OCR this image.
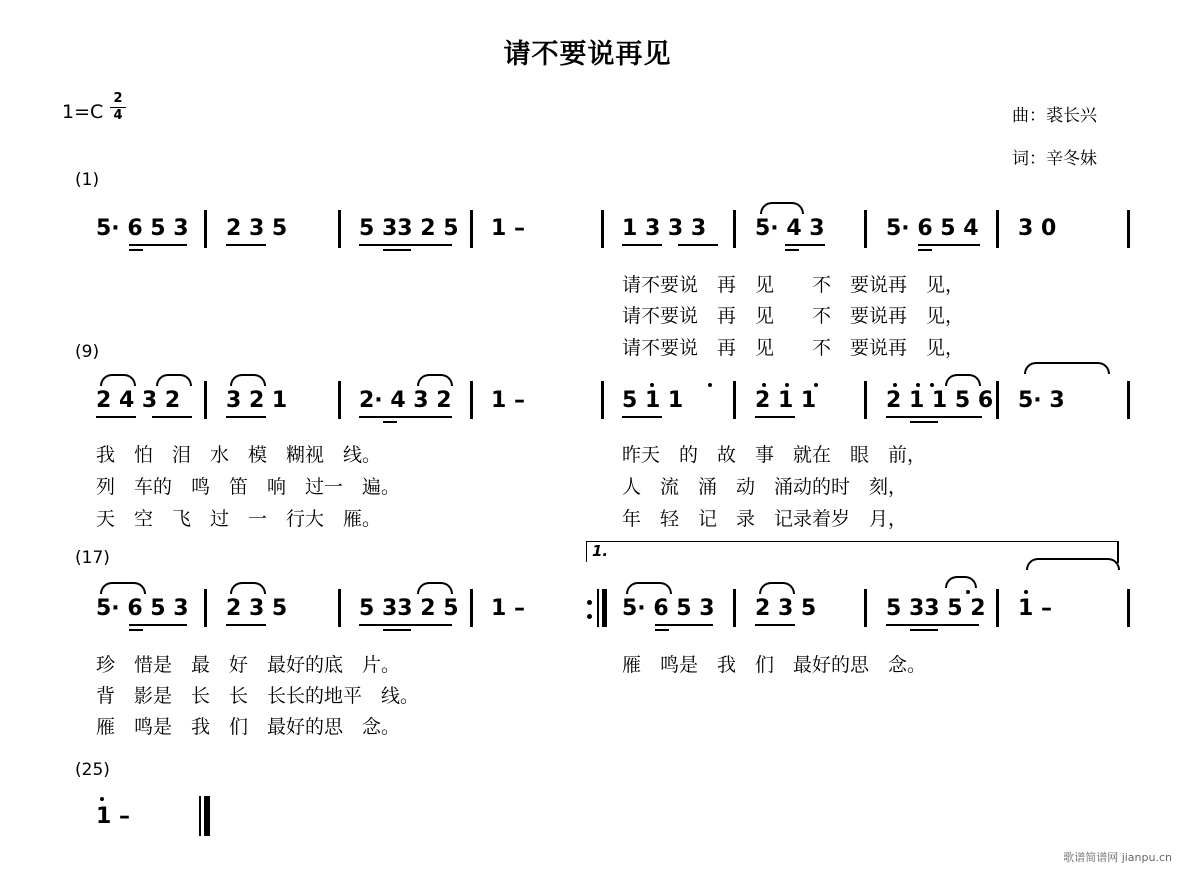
请不要说再见
1=C
2
4	曲：裘长兴
词：辛冬妹
(1)
5· 6 5 3 2 3 5	5 33 2 5 1 –	1 3 3 3 5· 4 3	5· 6 5 4 3 0
请不要说　再　见　　不　要说再　见，
请不要说　再　见　　不　要说再　见，
请不要说　再　见　　不　要说再　见，
(9)
2 4 3 2 3 2 1	2· 4 3 2 1 –	5 1 1	2 1 1	2 1 1 5 6 5· 3
我　怕　泪　水　模　糊视　线。
列　车的　鸣　笛　响　过一　遍。
天　空　飞　过　一　行大　雁。
昨天　的　故　事　就在　眼　前，
人　流　涌　动　涌动的时　刻，
年　轻　记　录　记录着岁　月，
(17)	1.
5· 6 5 3 2 3 5	5 33 2 5 1 –	5· 6 5 3 2 3 5	5 33 5 2 1 –
珍　惜是　最　好　最好的底　片。
背　影是　长　长　长长的地平　线。
雁　鸣是　我　们　最好的思　念。
雁　鸣是　我　们　最好的思　念。
(25)
1 –
歌谱简谱网 jianpu.cn
